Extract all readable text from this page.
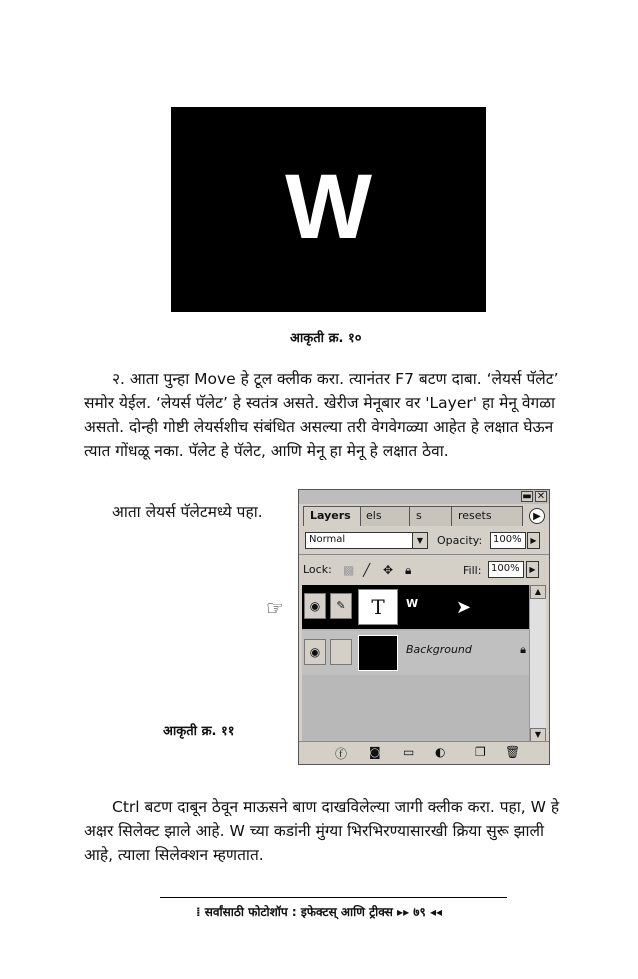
W
आकृती क्र. १०

२. आता पुन्हा Move हे टूल क्लीक करा. त्यानंतर F7 बटण दाबा. ‘लेयर्स पॅलेट’ समोर येईल. ‘लेयर्स पॅलेट’ हे स्वतंत्र असते. खेरीज मेनूबार वर 'Layer' हा मेनू वेगळा असतो. दोन्ही गोष्टी लेयर्सशीच संबंधित असल्या तरी वेगवेगळ्या आहेत हे लक्षात घेऊन त्यात गोंधळू नका. पॅलेट हे पॅलेट, आणि मेनू हा मेनू हे लक्षात ठेवा.

आता लेयर्स पॅलेटमध्ये पहा.
▬ ✕
Layers	els	s	resets	▶
Normal	▼	Opacity:	100%	▶
Lock: ▩ ╱ ✥ 🔒︎	Fill: 100%	▶
◉	✎	T	W ➤
◉	Background	🔒︎
▲
▼
ⓕ ◙ ▭ ◐ ❐ 🗑︎
☞
आकृती क्र. ११

Ctrl बटण दाबून ठेवून माऊसने बाण दाखविलेल्या जागी क्लीक करा. पहा, W हे अक्षर सिलेक्ट झाले आहे. W च्या कडांनी मुंग्या भिरभिरण्यासारखी क्रिया सुरू झाली आहे, त्याला सिलेक्शन म्हणतात.

⁞ सर्वांसाठी फोटोशॉप : इफेक्टस् आणि ट्रीक्स ▸▸ ७९ ◂◂
